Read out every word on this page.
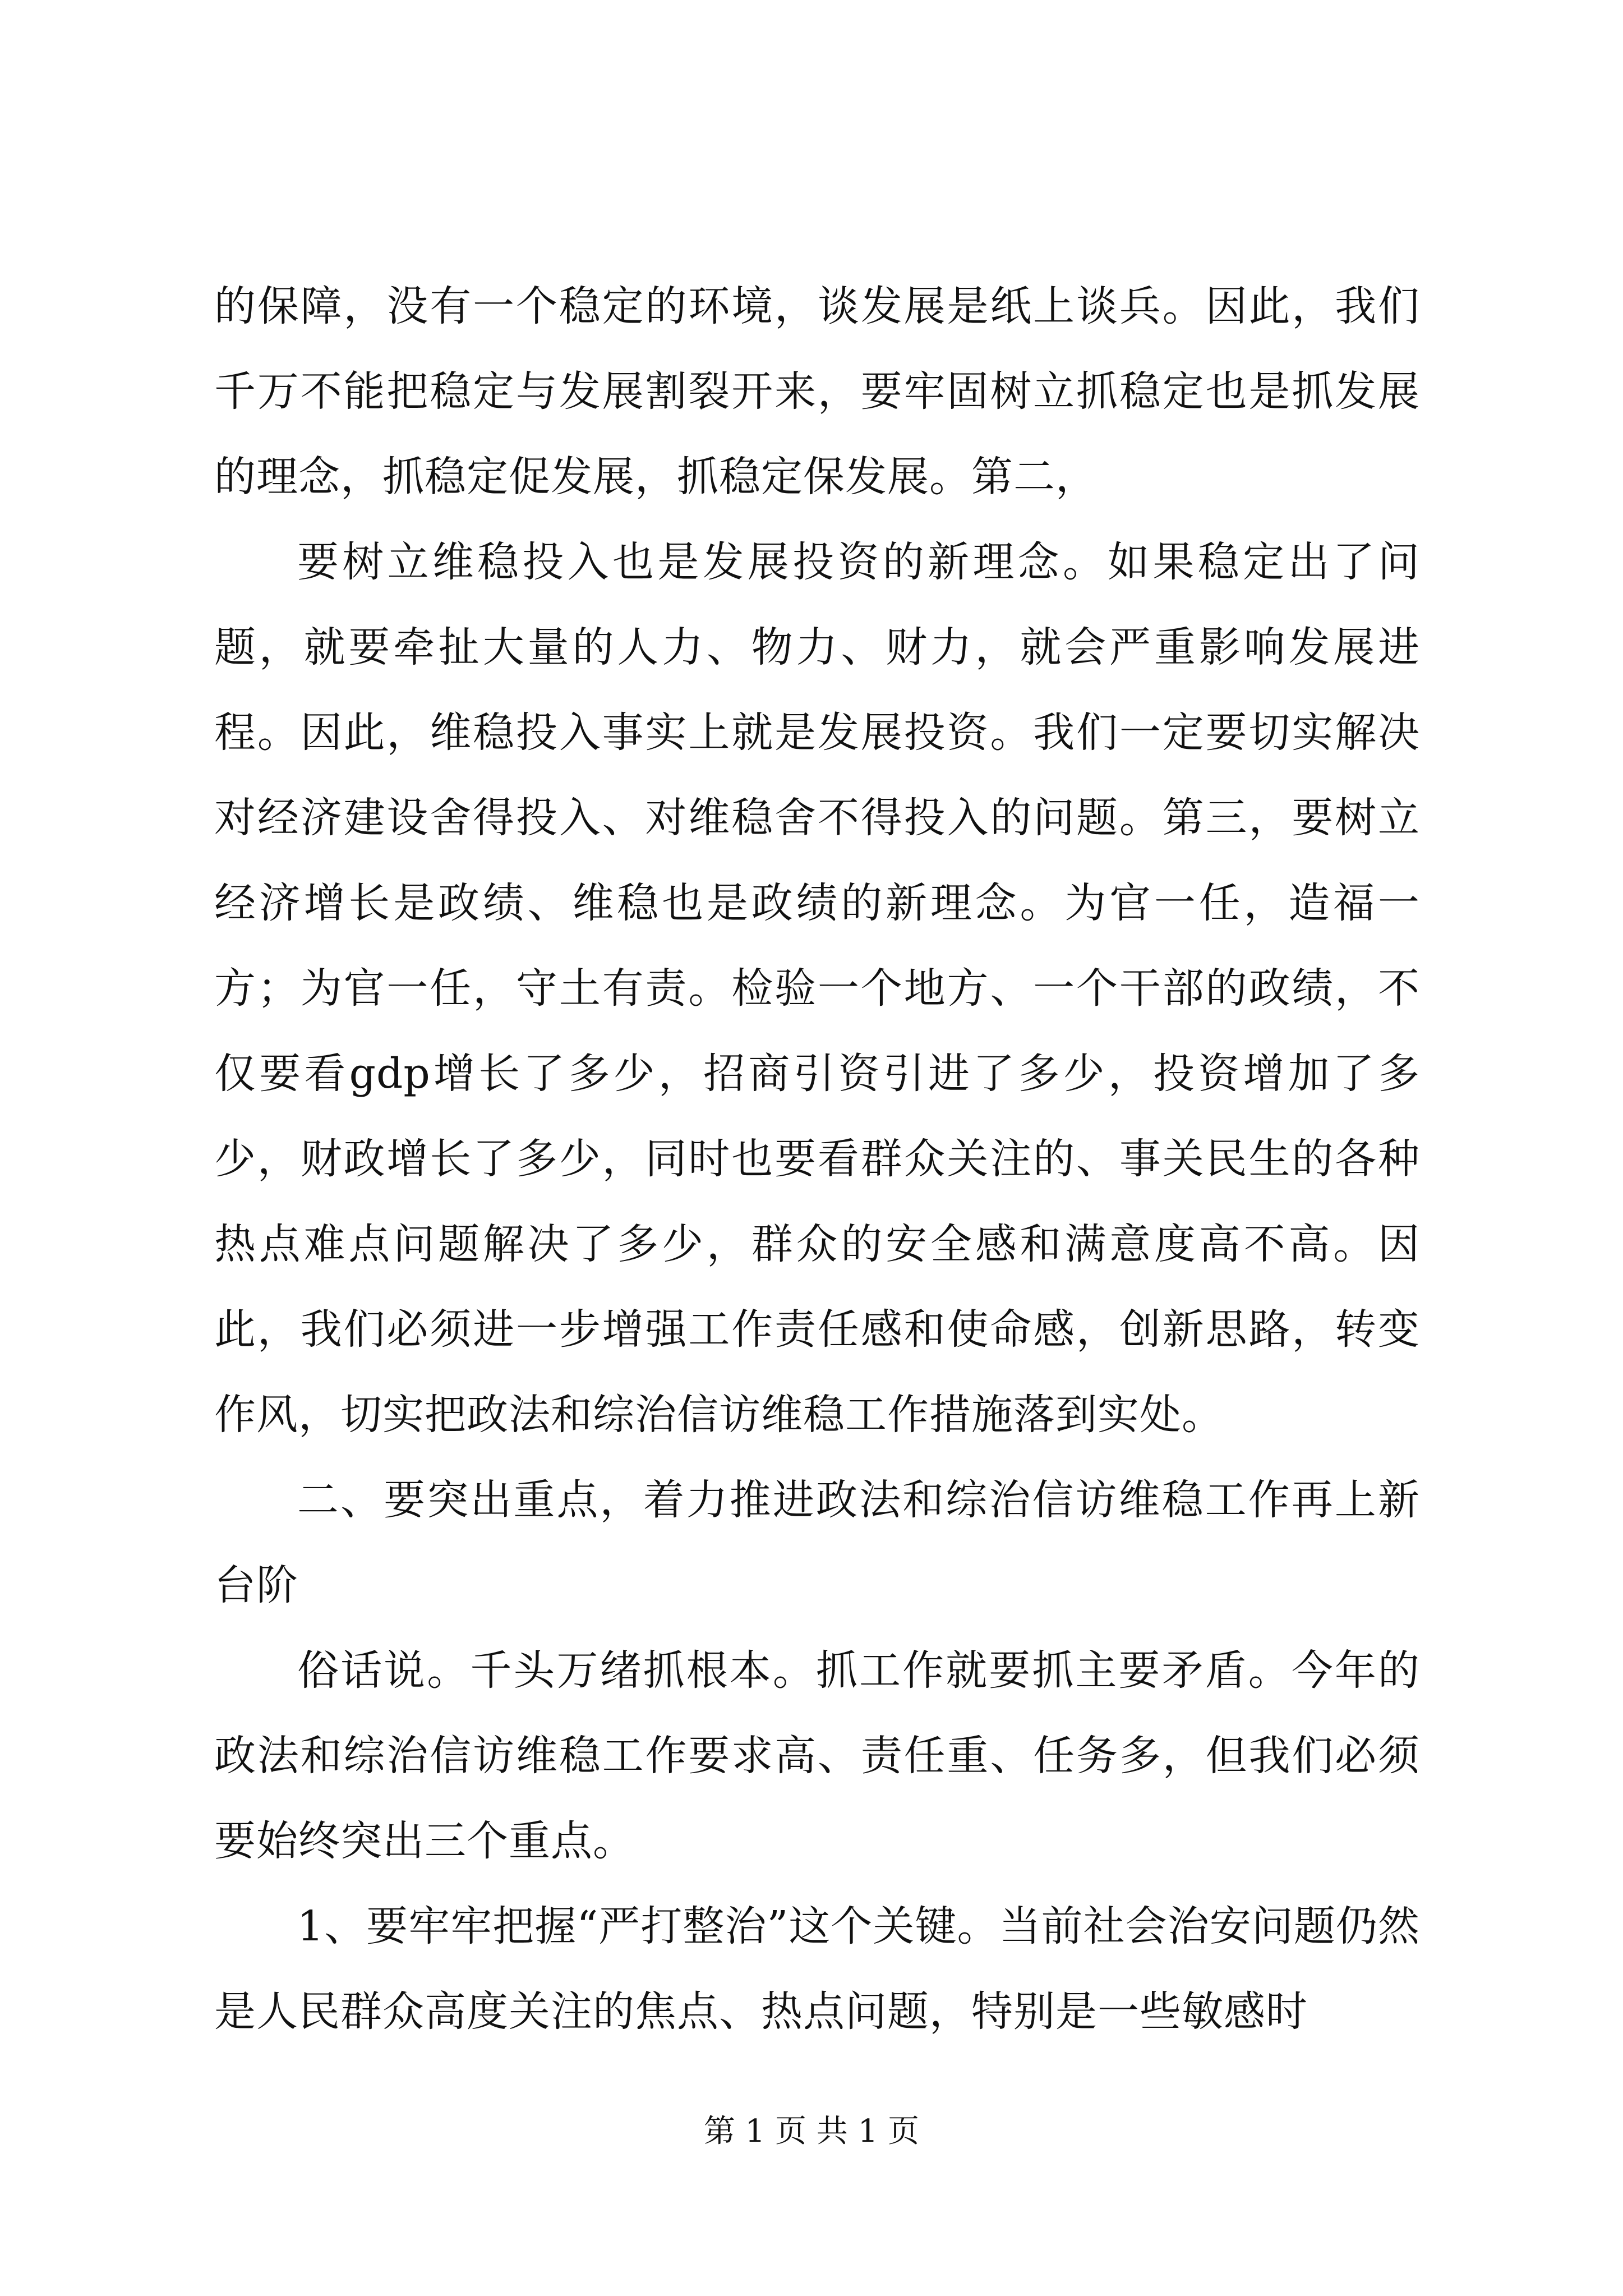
的保障，没有一个稳定的环境，谈发展是纸上谈兵。因此，我们千万不能把稳定与发展割裂开来，要牢固树立抓稳定也是抓发展的理念，抓稳定促发展，抓稳定保发展。第二，

要树立维稳投入也是发展投资的新理念。如果稳定出了问题，就要牵扯大量的人力、物力、财力，就会严重影响发展进程。因此，维稳投入事实上就是发展投资。我们一定要切实解决对经济建设舍得投入、对维稳舍不得投入的问题。第三，要树立经济增长是政绩、维稳也是政绩的新理念。为官一任，造福一方；为官一任，守土有责。检验一个地方、一个干部的政绩，不仅要看gdp增长了多少，招商引资引进了多少，投资增加了多少，财政增长了多少，同时也要看群众关注的、事关民生的各种热点难点问题解决了多少，群众的安全感和满意度高不高。因此，我们必须进一步增强工作责任感和使命感，创新思路，转变作风，切实把政法和综治信访维稳工作措施落到实处。

二、要突出重点，着力推进政法和综治信访维稳工作再上新台阶

俗话说。千头万绪抓根本。抓工作就要抓主要矛盾。今年的政法和综治信访维稳工作要求高、责任重、任务多，但我们必须要始终突出三个重点。

1、要牢牢把握“严打整治”这个关键。当前社会治安问题仍然是人民群众高度关注的焦点、热点问题，特别是一些敏感时

第 1 页 共 1 页
